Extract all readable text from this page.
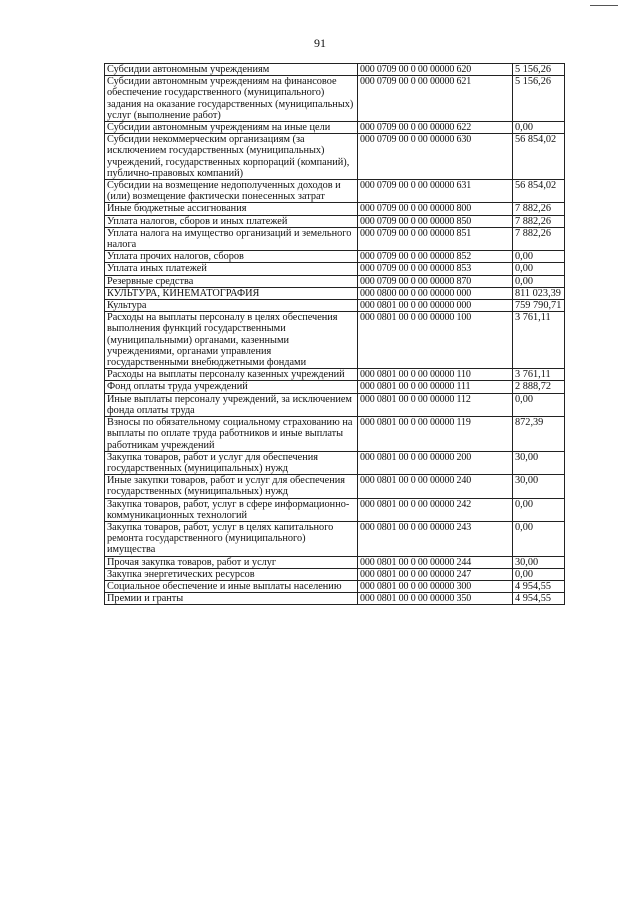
91
Субсидии автономным учреждениям	000 0709 00 0 00 00000 620	5 156,26
Субсидии автономным учреждениям на финансовое обеспечение государственного (муниципального) задания на оказание государственных (муниципальных) услуг (выполнение работ)	000 0709 00 0 00 00000 621	5 156,26
Субсидии автономным учреждениям на иные цели	000 0709 00 0 00 00000 622	0,00
Субсидии некоммерческим организациям (за исключением государственных (муниципальных) учреждений, государственных корпораций (компаний), публично-правовых компаний)	000 0709 00 0 00 00000 630	56 854,02
Субсидии на возмещение недополученных доходов и (или) возмещение фактически понесенных затрат	000 0709 00 0 00 00000 631	56 854,02
Иные бюджетные ассигнования	000 0709 00 0 00 00000 800	7 882,26
Уплата налогов, сборов и иных платежей	000 0709 00 0 00 00000 850	7 882,26
Уплата налога на имущество организаций и земельного налога	000 0709 00 0 00 00000 851	7 882,26
Уплата прочих налогов, сборов	000 0709 00 0 00 00000 852	0,00
Уплата иных платежей	000 0709 00 0 00 00000 853	0,00
Резервные средства	000 0709 00 0 00 00000 870	0,00
КУЛЬТУРА, КИНЕМАТОГРАФИЯ	000 0800 00 0 00 00000 000	811 023,39
Культура	000 0801 00 0 00 00000 000	759 790,71
Расходы на выплаты персоналу в целях обеспечения выполнения функций государственными (муниципальными) органами, казенными учреждениями, органами управления государственными внебюджетными фондами	000 0801 00 0 00 00000 100	3 761,11
Расходы на выплаты персоналу казенных учреждений	000 0801 00 0 00 00000 110	3 761,11
Фонд оплаты труда учреждений	000 0801 00 0 00 00000 111	2 888,72
Иные выплаты персоналу учреждений, за исключением фонда оплаты труда	000 0801 00 0 00 00000 112	0,00
Взносы по обязательному социальному страхованию на выплаты по оплате труда работников и иные выплаты работникам учреждений	000 0801 00 0 00 00000 119	872,39
Закупка товаров, работ и услуг для обеспечения государственных (муниципальных) нужд	000 0801 00 0 00 00000 200	30,00
Иные закупки товаров, работ и услуг для обеспечения государственных (муниципальных) нужд	000 0801 00 0 00 00000 240	30,00
Закупка товаров, работ, услуг в сфере информационно-коммуникационных технологий	000 0801 00 0 00 00000 242	0,00
Закупка товаров, работ, услуг в целях капитального ремонта государственного (муниципального) имущества	000 0801 00 0 00 00000 243	0,00
Прочая закупка товаров, работ и услуг	000 0801 00 0 00 00000 244	30,00
Закупка энергетических ресурсов	000 0801 00 0 00 00000 247	0,00
Социальное обеспечение и иные выплаты населению	000 0801 00 0 00 00000 300	4 954,55
Премии и гранты	000 0801 00 0 00 00000 350	4 954,55
